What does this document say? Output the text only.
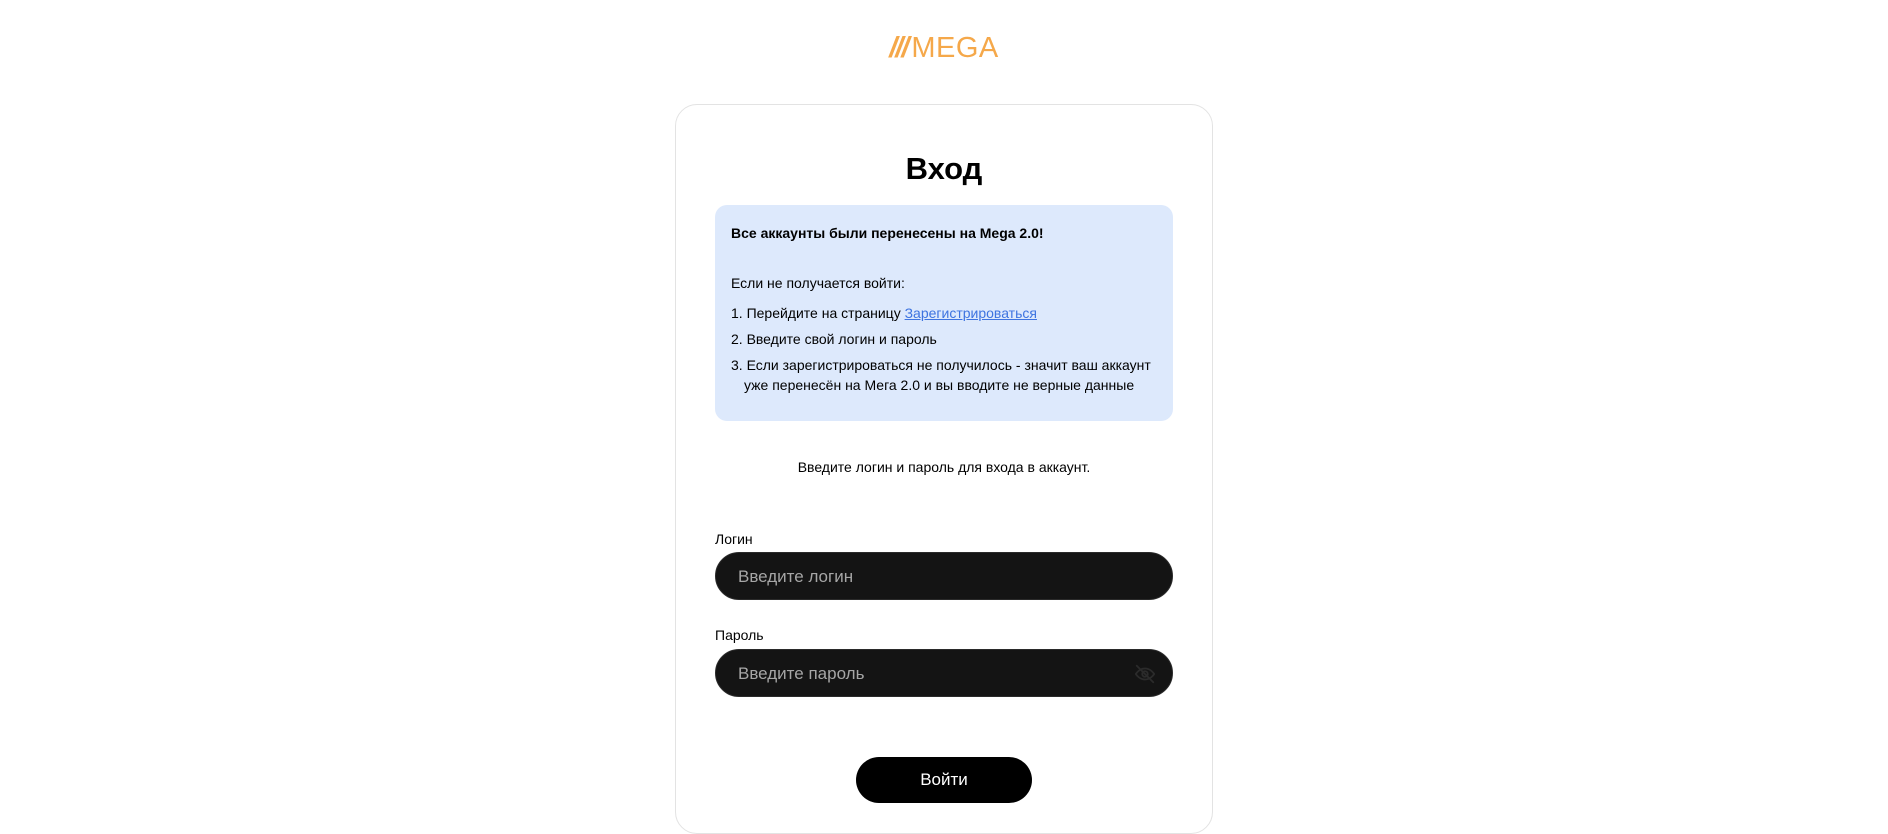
/// MEGA
Вход

Все аккаунты были перенесены на Mega 2.0!

Если не получается войти:

1. Перейдите на страницу Зарегистрироваться
2. Введите свой логин и пароль
3. Если зарегистрироваться не получилось - значит ваш аккаунт уже перенесён на Мега 2.0 и вы вводите не верные данные
Введите логин и пароль для входа в аккаунт.
Логин
Введите логин
Пароль
Войти
